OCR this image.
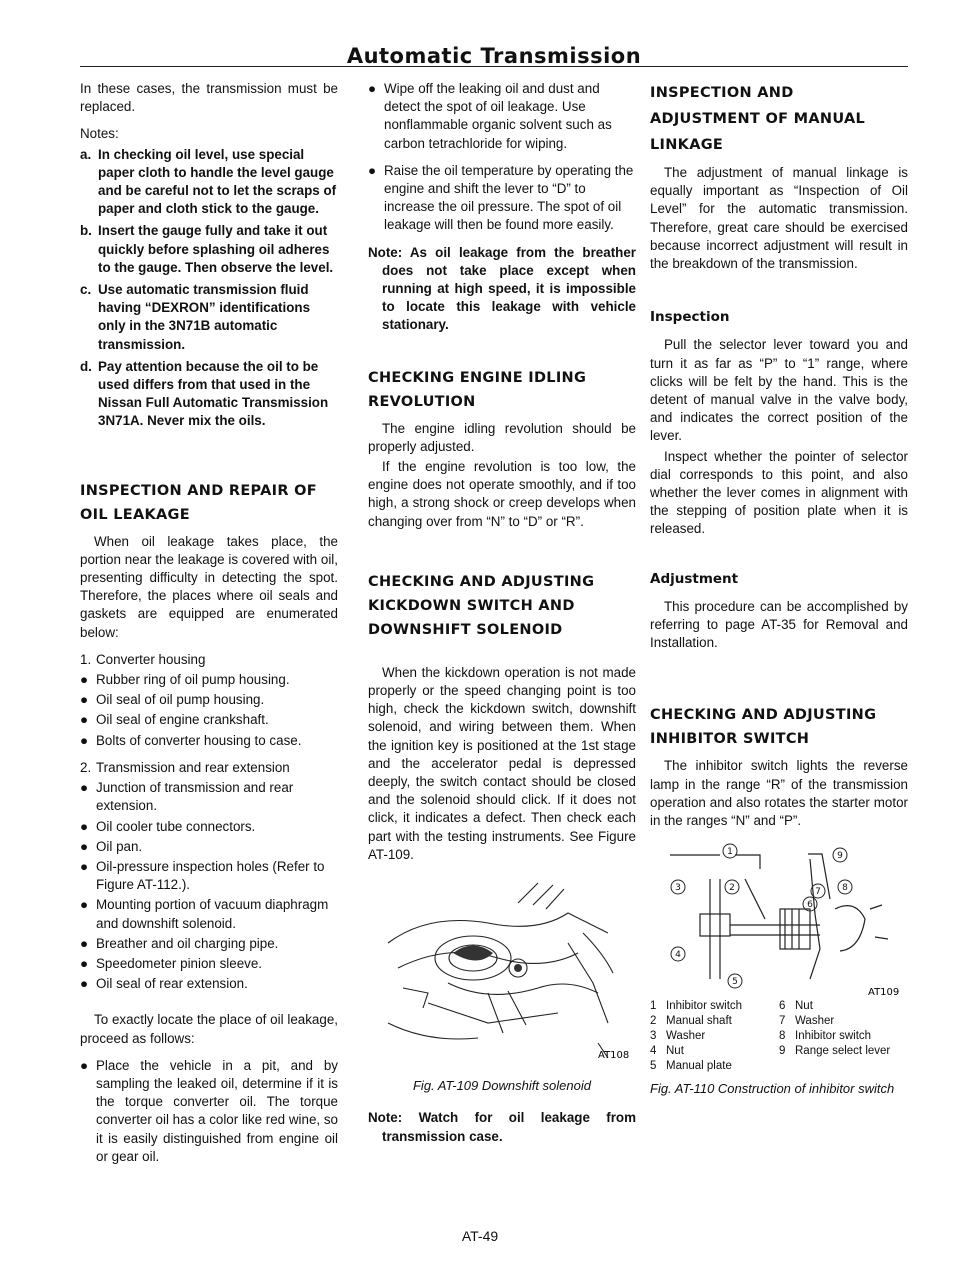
Automatic Transmission

In these cases, the transmission must be replaced.

Notes:
a. In checking oil level, use special paper cloth to handle the level gauge and be careful not to let the scraps of paper and cloth stick to the gauge.
b. Insert the gauge fully and take it out quickly before splashing oil adheres to the gauge. Then observe the level.
c. Use automatic transmission fluid having “DEXRON” identifications only in the 3N71B automatic transmission.
d. Pay attention because the oil to be used differs from that used in the Nissan Full Automatic Transmission 3N71A. Never mix the oils.
INSPECTION AND REPAIR OF OIL LEAKAGE

When oil leakage takes place, the portion near the leakage is covered with oil, presenting difficulty in detecting the spot. Therefore, the places where oil seals and gaskets are equipped are enumerated below:

1. Converter housing
● Rubber ring of oil pump housing.
● Oil seal of oil pump housing.
● Oil seal of engine crankshaft.
● Bolts of converter housing to case.
2. Transmission and rear extension
● Junction of transmission and rear extension.
● Oil cooler tube connectors.
● Oil pan.
● Oil-pressure inspection holes (Refer to Figure AT-112.).
● Mounting portion of vacuum diaphragm and downshift solenoid.
● Breather and oil charging pipe.
● Speedometer pinion sleeve.
● Oil seal of rear extension.

To exactly locate the place of oil leakage, proceed as follows:

● Place the vehicle in a pit, and by sampling the leaked oil, determine if it is the torque converter oil. The torque converter oil has a color like red wine, so it is easily distinguished from engine oil or gear oil.
● Wipe off the leaking oil and dust and detect the spot of oil leakage. Use nonflammable organic solvent such as carbon tetrachloride for wiping.
● Raise the oil temperature by operating the engine and shift the lever to “D” to increase the oil pressure. The spot of oil leakage will then be found more easily.

Note: As oil leakage from the breather does not take place except when running at high speed, it is impossible to locate this leakage with vehicle stationary.

CHECKING ENGINE IDLING REVOLUTION

The engine idling revolution should be properly adjusted.

If the engine revolution is too low, the engine does not operate smoothly, and if too high, a strong shock or creep develops when changing over from “N” to “D” or “R”.

CHECKING AND ADJUSTING KICKDOWN SWITCH AND DOWNSHIFT SOLENOID

When the kickdown operation is not made properly or the speed changing point is too high, check the kickdown switch, downshift solenoid, and wiring between them. When the ignition key is positioned at the 1st stage and the accelerator pedal is depressed deeply, the switch contact should be closed and the solenoid should click. If it does not click, it indicates a defect. Then check each part with the testing instruments. See Figure AT-109.

AT108
Fig. AT-109 Downshift solenoid

Note: Watch for oil leakage from transmission case.

INSPECTION AND ADJUSTMENT OF MANUAL LINKAGE

The adjustment of manual linkage is equally important as “Inspection of Oil Level” for the automatic transmission. Therefore, great care should be exercised because incorrect adjustment will result in the breakdown of the transmission.

Inspection

Pull the selector lever toward you and turn it as far as “P” to “1” range, where clicks will be felt by the hand. This is the detent of manual valve in the valve body, and indicates the correct position of the lever.

Inspect whether the pointer of selector dial corresponds to this point, and also whether the lever comes in alignment with the stepping of position plate when it is released.

Adjustment

This procedure can be accomplished by referring to page AT-35 for Removal and Installation.

CHECKING AND ADJUSTING INHIBITOR SWITCH

The inhibitor switch lights the reverse lamp in the range “R” of the transmission operation and also rotates the starter motor in the ranges “N” and “P”.

1
2
3
4
5
6
7 8
9
AT109
1 Inhibitor switch
2 Manual shaft
3 Washer
4 Nut
5 Manual plate
6 Nut
7 Washer
8 Inhibitor switch
9 Range select lever
Fig. AT-110 Construction of inhibitor switch
AT-49
